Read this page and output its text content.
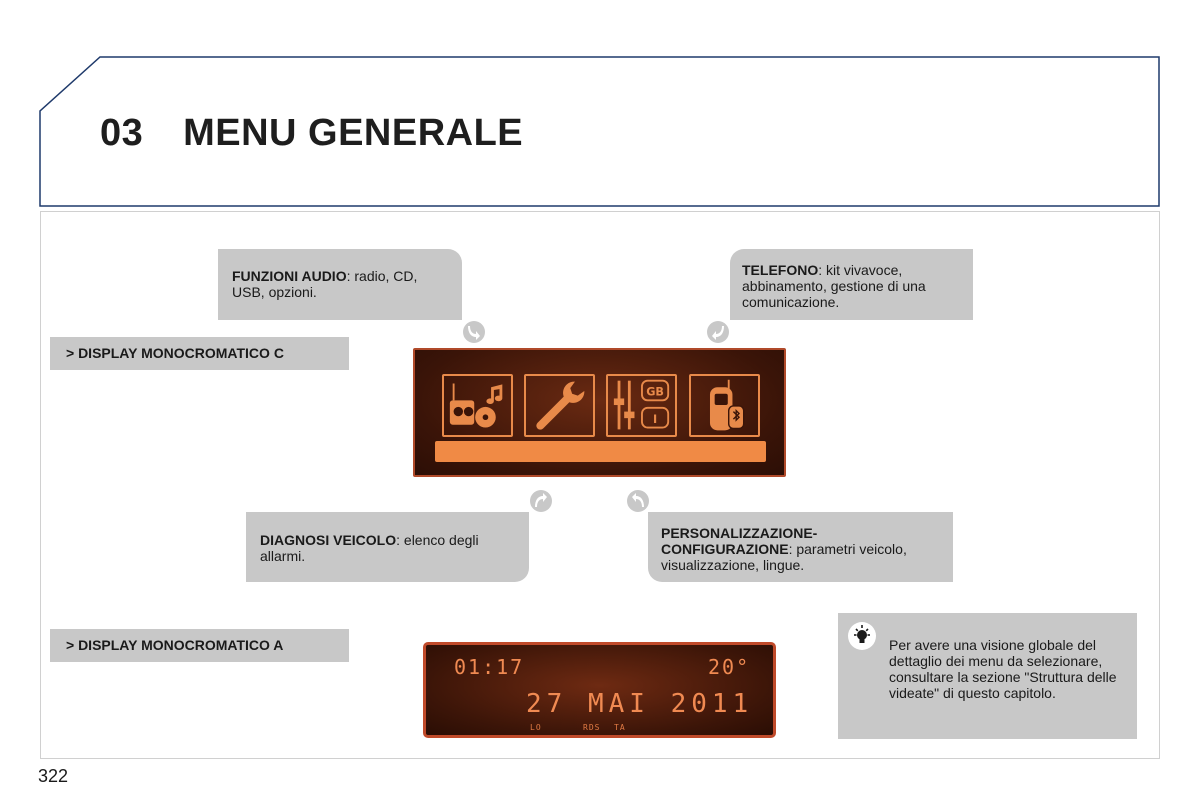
03 MENU GENERALE
FUNZIONI AUDIO: radio, CD, USB, opzioni.
TELEFONO: kit vivavoce, abbinamento, gestione di una comunicazione.
DIAGNOSI VEICOLO: elenco degli allarmi.
PERSONALIZZAZIONE-CONFIGURAZIONE: parametri veicolo, visualizzazione, lingue.
> DISPLAY MONOCROMATICO C
> DISPLAY MONOCROMATICO A
GB
I
01:17	20°
27 MAI 2011
LO	RDS TA
Per avere una visione globale del dettaglio dei menu da selezionare, consultare la sezione "Struttura delle videate" di questo capitolo.
322
